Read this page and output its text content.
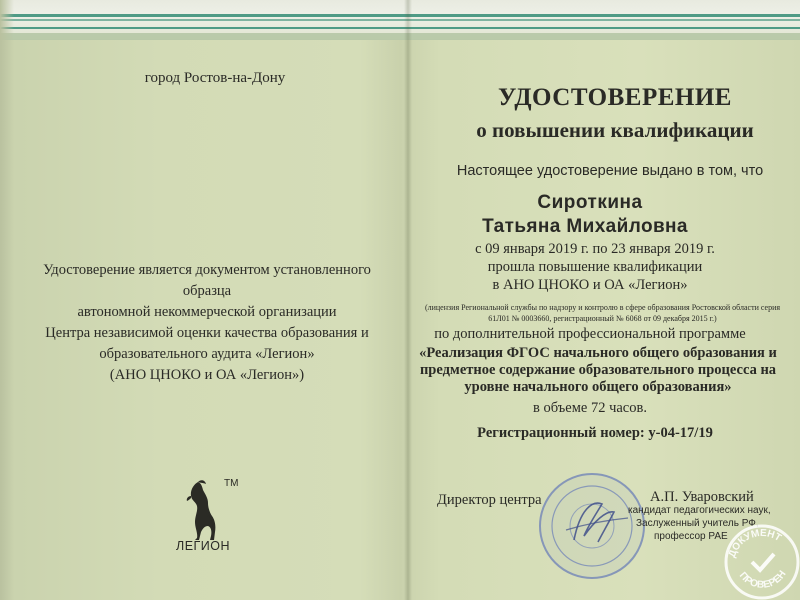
город Ростов-на-Дону
Удостоверение является документом установленного образца
автономной некоммерческой организации
Центра независимой оценки качества образования и
образовательного аудита «Легион»
(АНО ЦНОКО и ОА «Легион»)
TM
ЛЕГИОН
УДОСТОВЕРЕНИЕ
о повышении квалификации
Настоящее удостоверение выдано в том, что
Сироткина
Татьяна Михайловна
с 09 января 2019 г. по 23 января 2019 г.
прошла повышение квалификации
в АНО ЦНОКО и ОА «Легион»
(лицензия Региональной службы по надзору и контролю в сфере образования Ростовской области серия
61Л01 № 0003660, регистрационный № 6068 от 09 декабря 2015 г.)
по дополнительной профессиональной программе
«Реализация ФГОС начального общего образования и
предметное содержание образовательного процесса на
уровне начального общего образования»
в объеме 72 часов.
Регистрационный номер: у-04-17/19
Директор центра	А.П. Уваровский
кандидат педагогических наук,
Заслуженный учитель РФ,
профессор РАЕ
ДОКУМЕНТ
ПРОВЕРЕН
